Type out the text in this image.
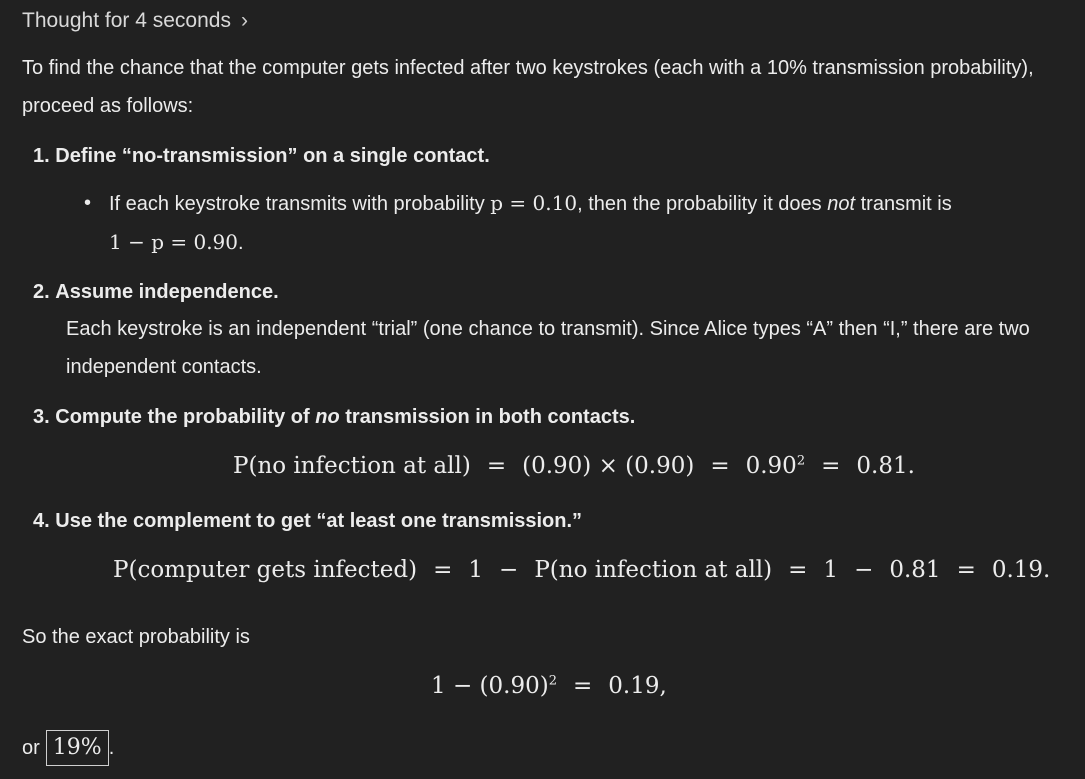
Thought for 4 seconds ›
To find the chance that the computer gets infected after two keystrokes (each with a 10% transmission probability), proceed as follows:
1. Define “no-transmission” on a single contact.
• If each keystroke transmits with probability p = 0.10, then the probability it does not transmit is
1 − p = 0.90.
2. Assume independence.
Each keystroke is an independent “trial” (one chance to transmit). Since Alice types “A” then “I,” there are two independent contacts.
3. Compute the probability of no transmission in both contacts.
P(no infection at $all) = (0.90) \times (0.90) = 0.90^2 = 0.81$.
4. Use the complement to get “at least one transmission.”
P(computer gets infected) = 1 − P(no infection at all) = 1 − 0.81 = 0.19.
So the exact probability is
$1 - (0.90)^2 = 0.19$,
or 19% .
